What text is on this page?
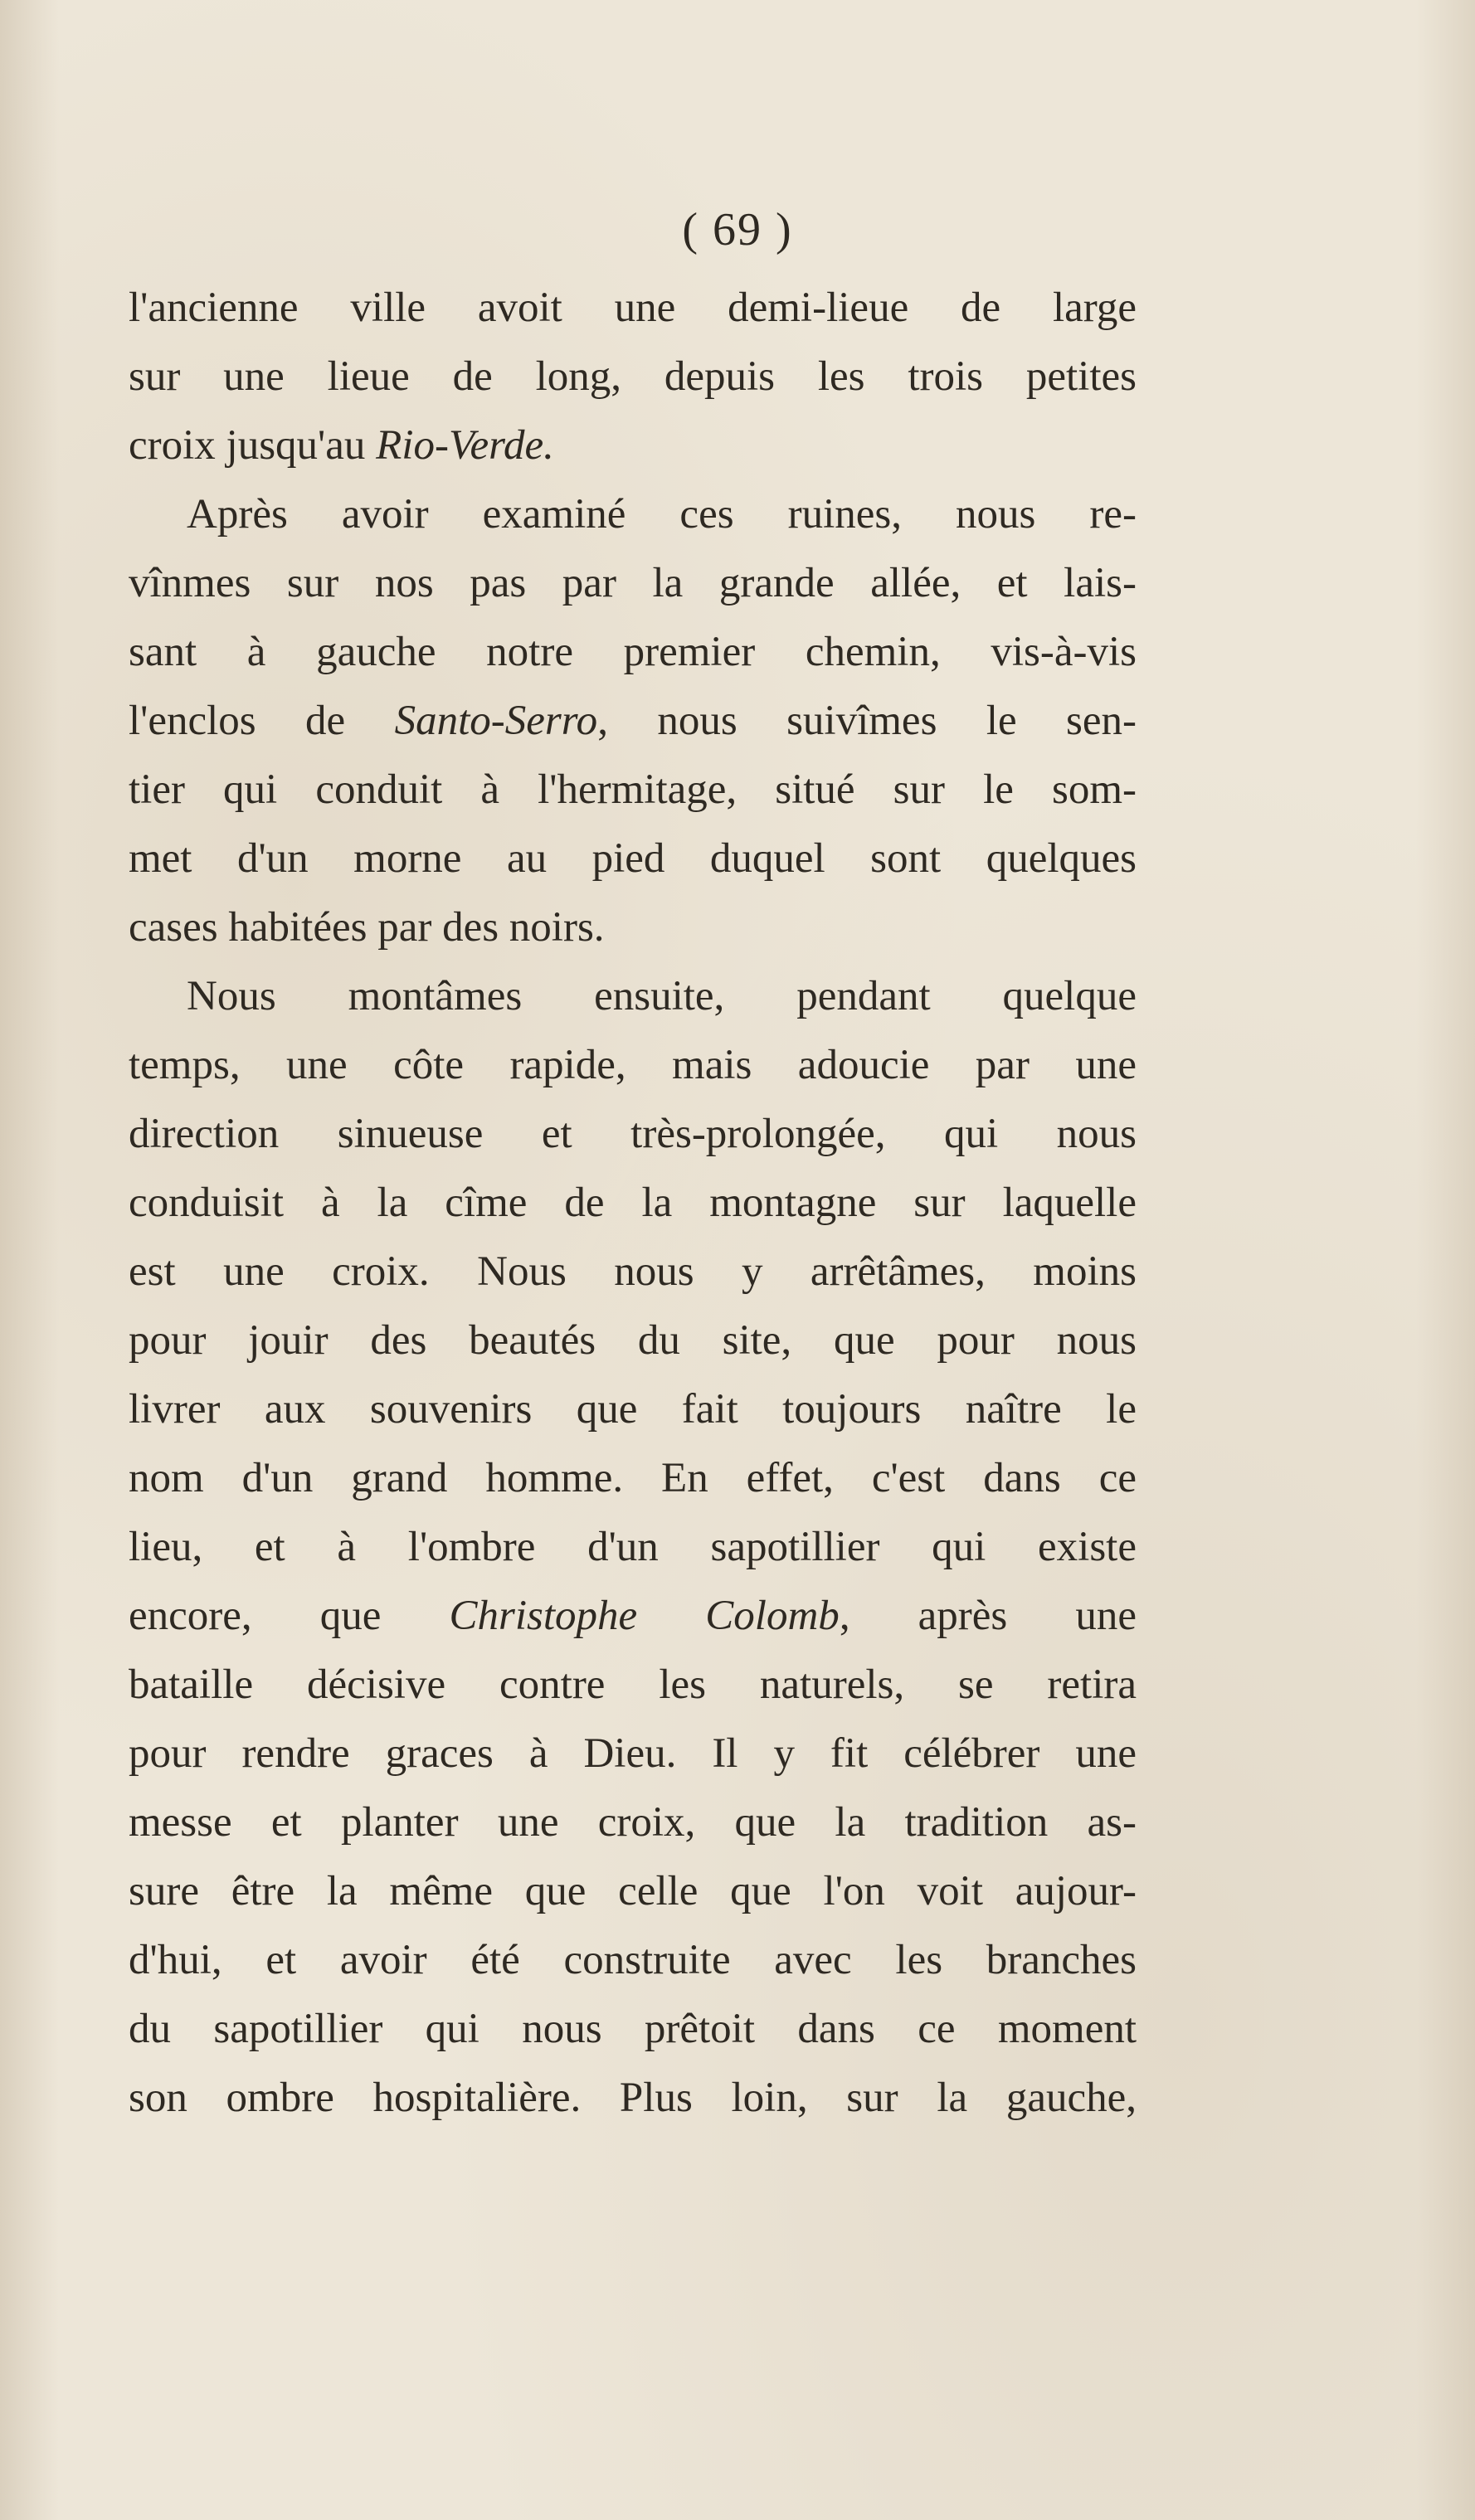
( 69 )
l'ancienne ville avoit une demi-lieue de large
sur une lieue de long, depuis les trois petites
croix jusqu'au Rio-Verde.
Après avoir examiné ces ruines, nous re-
vînmes sur nos pas par la grande allée, et lais-
sant à gauche notre premier chemin, vis-à-vis
l'enclos de Santo-Serro, nous suivîmes le sen-
tier qui conduit à l'hermitage, situé sur le som-
met d'un morne au pied duquel sont quelques
cases habitées par des noirs.
Nous montâmes ensuite, pendant quelque
temps, une côte rapide, mais adoucie par une
direction sinueuse et très-prolongée, qui nous
conduisit à la cîme de la montagne sur laquelle
est une croix. Nous nous y arrêtâmes, moins
pour jouir des beautés du site, que pour nous
livrer aux souvenirs que fait toujours naître le
nom d'un grand homme. En effet, c'est dans ce
lieu, et à l'ombre d'un sapotillier qui existe
encore, que Christophe Colomb, après une
bataille décisive contre les naturels, se retira
pour rendre graces à Dieu. Il y fit célébrer une
messe et planter une croix, que la tradition as-
sure être la même que celle que l'on voit aujour-
d'hui, et avoir été construite avec les branches
du sapotillier qui nous prêtoit dans ce moment
son ombre hospitalière. Plus loin, sur la gauche,
